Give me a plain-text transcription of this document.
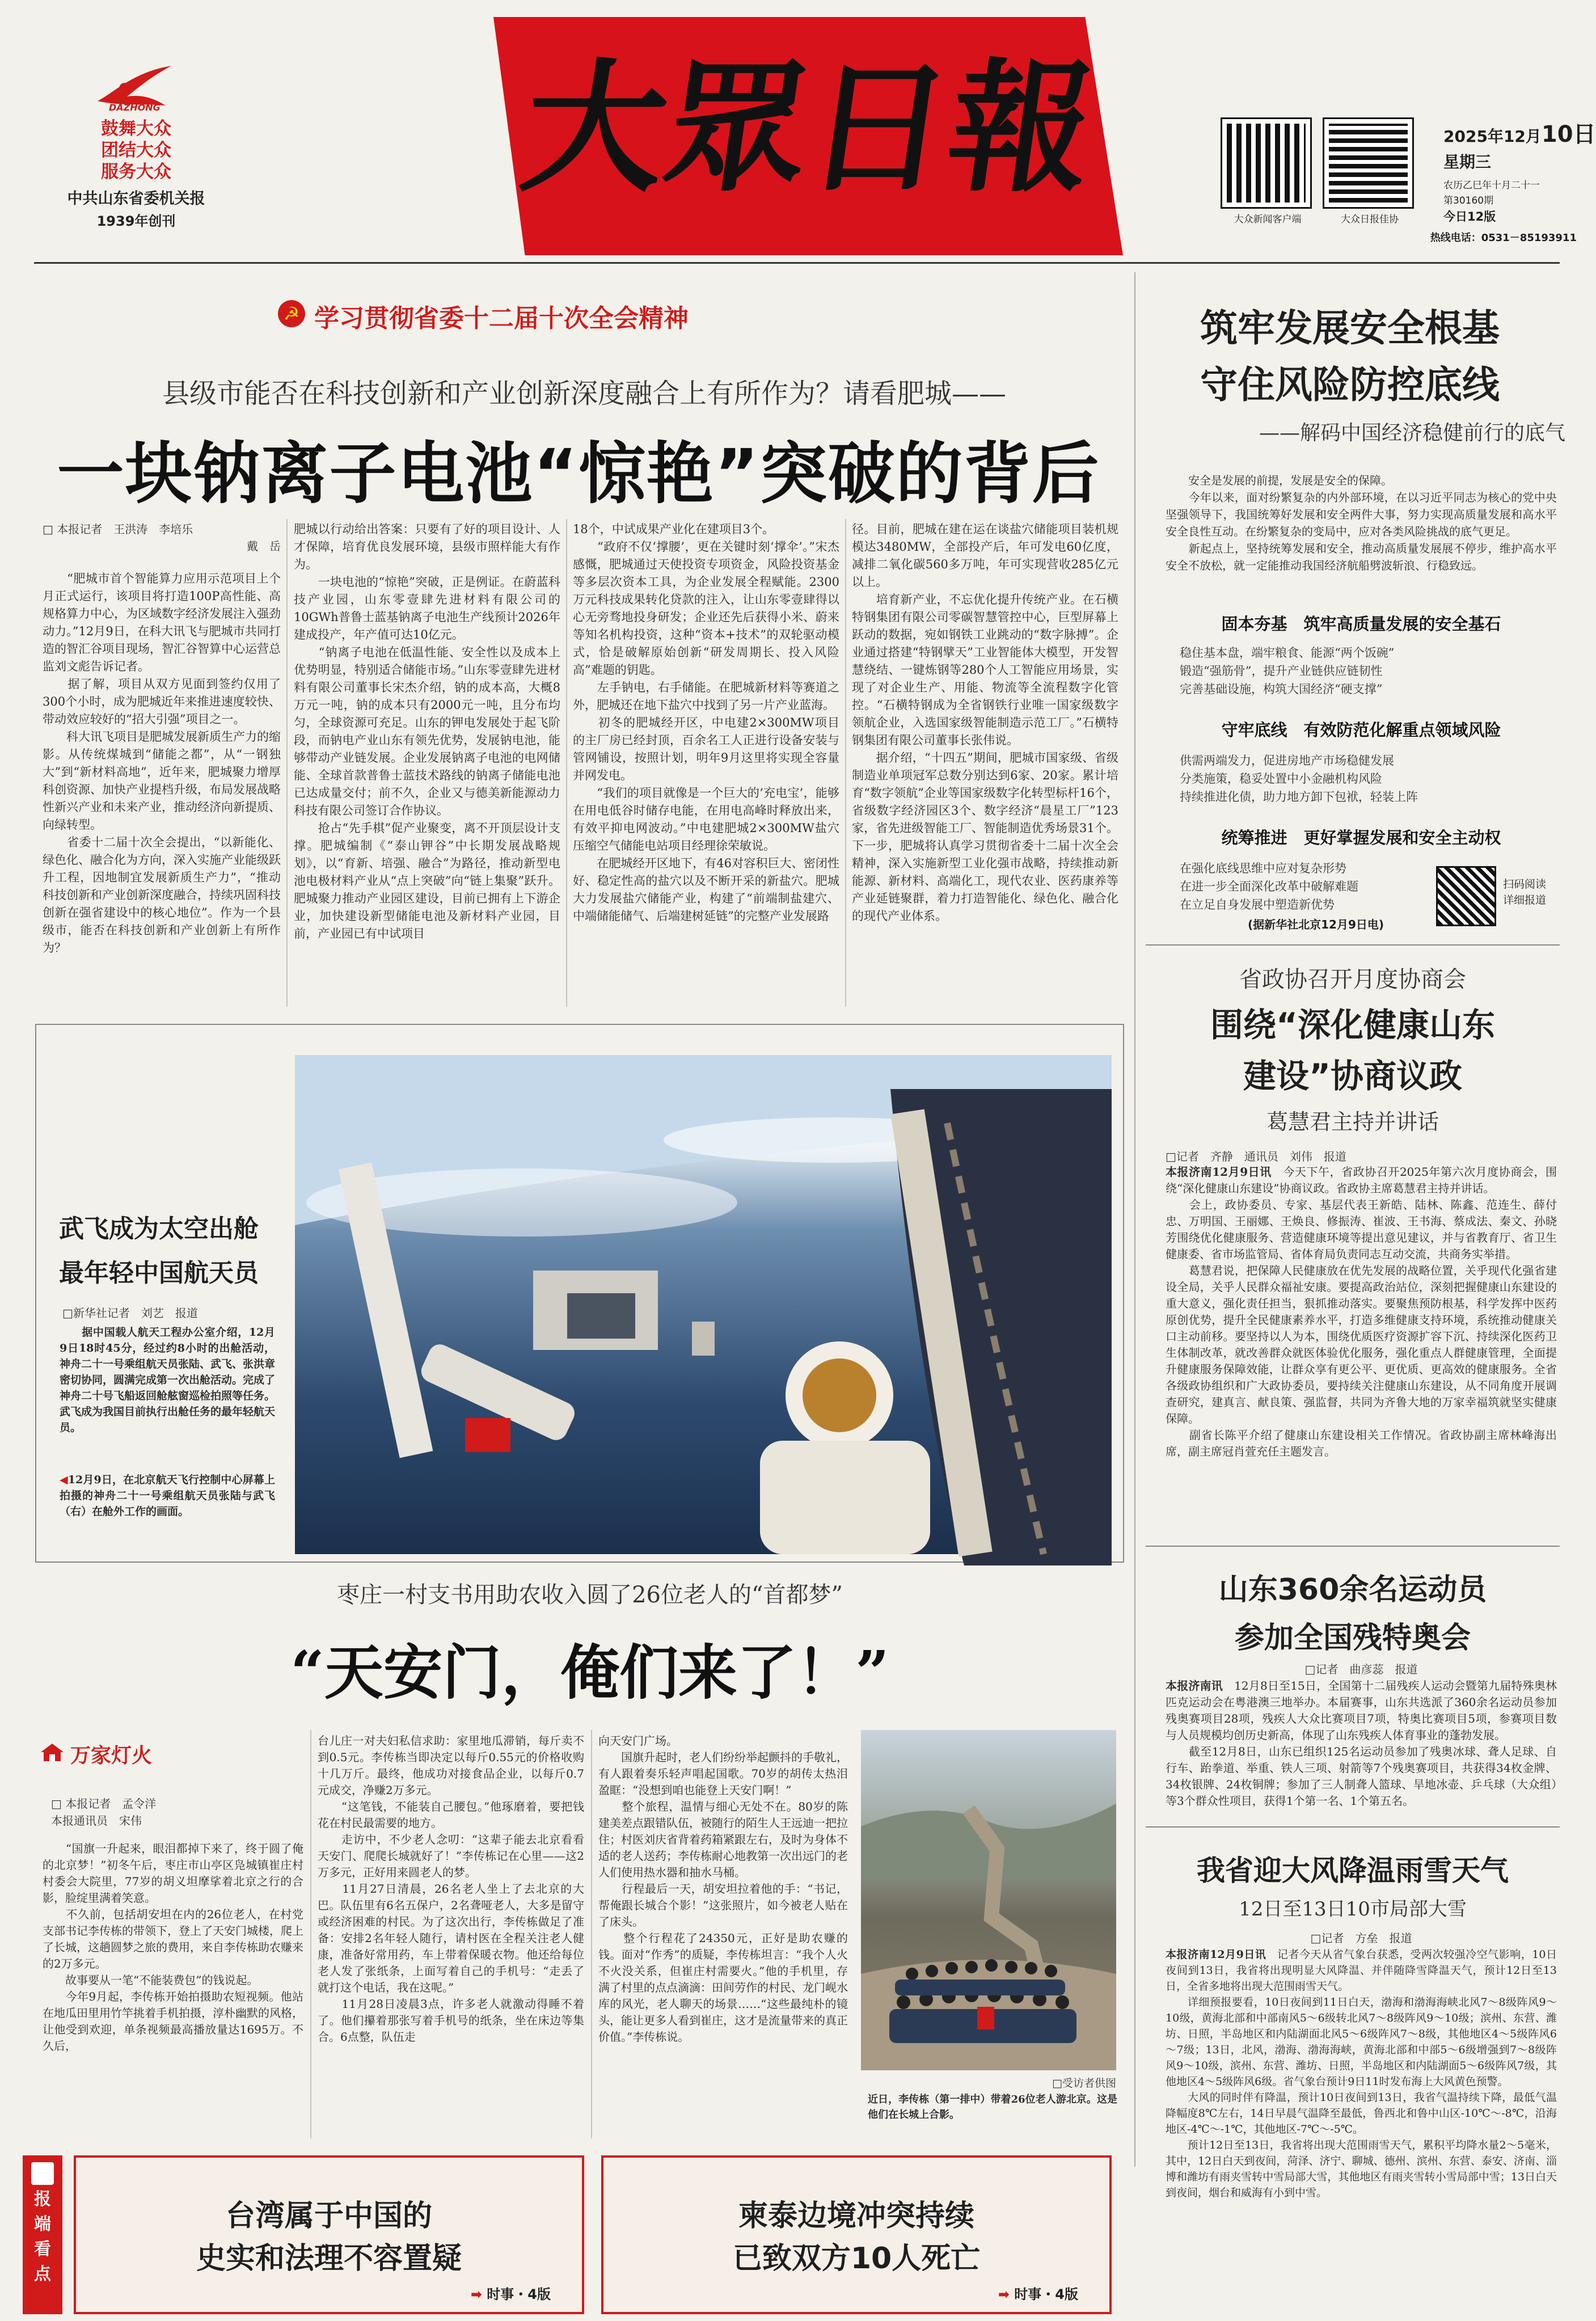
DAZHONG
鼓舞大众
团结大众
服务大众
中共山东省委机关报
1939年创刊
大眾日報
大众新闻客户端	大众日报佳协
2025年12月10日
星期三
农历乙巳年十月二十一
第30160期
今日12版
热线电话：0531－85193911
☭ 学习贯彻省委十二届十次全会精神
县级市能否在科技创新和产业创新深度融合上有所作为？请看肥城——
一块钠离子电池“惊艳”突破的背后
□ 本报记者　王洪涛　李培乐
戴　岳
　　“肥城市首个智能算力应用示范项目上个月正式运行，该项目将打造100P高性能、高规格算力中心，为区域数字经济发展注入强劲动力。”12月9日，在科大讯飞与肥城市共同打造的智汇谷项目现场，智汇谷智算中心运营总监刘文彪告诉记者。
　　据了解，项目从双方见面到签约仅用了300个小时，成为肥城近年来推进速度较快、带动效应较好的“招大引强”项目之一。
　　科大讯飞项目是肥城发展新质生产力的缩影。从传统煤城到“储能之都”，从“一钢独大”到“新材料高地”，近年来，肥城聚力增厚科创资源、加快产业提档升级，布局发展战略性新兴产业和未来产业，推动经济向新提质、向绿转型。
　　省委十二届十次全会提出，“以新能化、绿色化、融合化为方向，深入实施产业能级跃升工程，因地制宜发展新质生产力”，“推动科技创新和产业创新深度融合，持续巩固科技创新在强省建设中的核心地位”。作为一个县级市，能否在科技创新和产业创新上有所作为？
肥城以行动给出答案：只要有了好的项目设计、人才保障，培育优良发展环境，县级市照样能大有作为。
　　一块电池的“惊艳”突破，正是例证。在蔚蓝科技产业园，山东零壹肆先进材料有限公司的10GWh普鲁士蓝基钠离子电池生产线预计2026年建成投产，年产值可达10亿元。
　　“钠离子电池在低温性能、安全性以及成本上优势明显，特别适合储能市场。”山东零壹肆先进材料有限公司董事长宋杰介绍，钠的成本高，大概8万元一吨，钠的成本只有2000元一吨，且分布均匀，全球资源可充足。山东的钾电发展处于起飞阶段，而钠电产业山东有领先优势，发展钠电池，能够带动产业链发展。企业发展钠离子电池的电网储能、全球首款普鲁士蓝技术路线的钠离子储能电池已达成量交付；前不久，企业又与德美新能源动力科技有限公司签订合作协议。
　　抢占“先手棋”促产业聚变，离不开顶层设计支撑。肥城编制《“泰山钾谷”中长期发展战略规划》，以“育新、培强、融合”为路径，推动新型电池电极材料产业从“点上突破”向“链上集聚”跃升。肥城聚力推动产业园区建设，目前已拥有上下游企业，加快建设新型储能电池及新材料产业园，目前，产业园已有中试项目
18个，中试成果产业化在建项目3个。
　　“政府不仅‘撑腰’，更在关键时刻‘撑伞’。”宋杰感慨，肥城通过天使投资专项资金，风险投资基金等多层次资本工具，为企业发展全程赋能。2300万元科技成果转化贷款的注入，让山东零壹肆得以心无旁骛地投身研发；企业还先后获得小米、蔚来等知名机构投资，这种“资本+技术”的双轮驱动模式，恰是破解原始创新“研发周期长、投入风险高”难题的钥匙。
　　左手钠电，右手储能。在肥城新材料等赛道之外，肥城还在地下盐穴中找到了另一片产业蓝海。
　　初冬的肥城经开区，中电建2×300MW项目的主厂房已经封顶，百余名工人正进行设备安装与管网铺设，按照计划，明年9月这里将实现全容量并网发电。
　　“我们的项目就像是一个巨大的‘充电宝’，能够在用电低谷时储存电能，在用电高峰时释放出来，有效平抑电网波动。”中电建肥城2×300MW盐穴压缩空气储能电站项目经理徐荣敏说。
　　在肥城经开区地下，有46对容积巨大、密闭性好、稳定性高的盐穴以及不断开采的新盐穴。肥城大力发展盐穴储能产业，构建了“前端制盐建穴、中端储能储气、后端建树延链”的完整产业发展路
径。目前，肥城在建在运在谈盐穴储能项目装机规模达3480MW，全部投产后，年可发电60亿度，减排二氧化碳560多万吨，年可实现营收285亿元以上。
　　培育新产业，不忘优化提升传统产业。在石横特钢集团有限公司零碳智慧管控中心，巨型屏幕上跃动的数据，宛如钢铁工业跳动的“数字脉搏”。企业通过搭建“特钢擘天”工业智能体大模型，开发智慧绕结、一键炼钢等280个人工智能应用场景，实现了对企业生产、用能、物流等全流程数字化管控。“石横特钢成为全省钢铁行业唯一国家级数字领航企业，入选国家级智能制造示范工厂。”石横特钢集团有限公司董事长张伟说。
　　据介绍，“十四五”期间，肥城市国家级、省级制造业单项冠军总数分别达到6家、20家。累计培育“数字领航”企业等国家级数字化转型标杆16个，省级数字经济园区3个、数字经济“晨星工厂”123家，省先进级智能工厂、智能制造优秀场景31个。下一步，肥城将认真学习贯彻省委十二届十次全会精神，深入实施新型工业化强市战略，持续推动新能源、新材料、高端化工，现代农业、医药康养等产业延链聚群，着力打造智能化、绿色化、融合化的现代产业体系。
筑牢发展安全根基
守住风险防控底线
——解码中国经济稳健前行的底气
　　安全是发展的前提，发展是安全的保障。
　　今年以来，面对纷繁复杂的内外部环境，在以习近平同志为核心的党中央坚强领导下，我国统筹好发展和安全两件大事，努力实现高质量发展和高水平安全良性互动。在纷繁复杂的变局中，应对各类风险挑战的底气更足。
　　新起点上，坚持统筹发展和安全，推动高质量发展展不停步，维护高水平安全不放松，就一定能推动我国经济航船劈波斩浪、行稳致远。
固本夯基　筑牢高质量发展的安全基石
稳住基本盘，端牢粮食、能源“两个饭碗”
锻造“强筋骨”，提升产业链供应链韧性
完善基础设施，构筑大国经济“硬支撑”
守牢底线　有效防范化解重点领域风险
供需两端发力，促进房地产市场稳健发展
分类施策，稳妥处置中小金融机构风险
持续推进化债，助力地方卸下包袱，轻装上阵
统筹推进　更好掌握发展和安全主动权
在强化底线思维中应对复杂形势
在进一步全面深化改革中破解难题
在立足自身发展中塑造新优势
扫码阅读
详细报道
(据新华社北京12月9日电)
省政协召开月度协商会
围绕“深化健康山东
建设”协商议政
葛慧君主持并讲话
□记者　齐静　通讯员　刘伟　报道
本报济南12月9日讯　今天下午，省政协召开2025年第六次月度协商会，围绕“深化健康山东建设”协商议政。省政协主席葛慧君主持并讲话。
　　会上，政协委员、专家、基层代表王新皓、陆林、陈鑫、范连生、薛付忠、万明国、王丽娜、王焕良、修振涛、崔波、王书海、蔡成法、秦文、孙晓芳围绕优化健康服务、营造健康环境等提出意见建议，并与省教育厅、省卫生健康委、省市场监管局、省体育局负责同志互动交流，共商务实举措。
　　葛慧君说，把保障人民健康放在优先发展的战略位置，关乎现代化强省建设全局，关乎人民群众福祉安康。要提高政治站位，深刻把握健康山东建设的重大意义，强化责任担当，狠抓推动落实。要聚焦预防根基，科学发挥中医药原创优势，提升全民健康素养水平，打造多维健康支持环境，系统推动健康关口主动前移。要坚持以人为本，围绕优质医疗资源扩容下沉、持续深化医药卫生体制改革，就改善群众就医体验优化服务，强化重点人群健康管理，全面提升健康服务保障效能，让群众享有更公平、更优质、更高效的健康服务。全省各级政协组织和广大政协委员，要持续关注健康山东建设，从不同角度开展调查研究，建真言、献良策、强监督，共同为齐鲁大地的万家幸福筑就坚实健康保障。
　　副省长陈平介绍了健康山东建设相关工作情况。省政协副主席林峰海出席，副主席冠肖萱充任主题发言。
山东360余名运动员
参加全国残特奥会
□记者　曲彦蕊　报道
本报济南讯　12月8日至15日，全国第十二届残疾人运动会暨第九届特殊奥林匹克运动会在粤港澳三地举办。本届赛事，山东共选派了360余名运动员参加残奥赛项目28项，残疾人大众比赛项目7项，特奥比赛项目5项，参赛项目数与人员规模均创历史新高，体现了山东残疾人体育事业的蓬勃发展。
　　截至12月8日，山东已组织125名运动员参加了残奥冰球、聋人足球、自行车、跆拳道、举重、铁人三项、射箭等7个残奥赛项目，共获得34枚金牌、34枚银牌、24枚铜牌；参加了三人制聋人篮球、旱地冰壶、乒乓球（大众组）等3个群众性项目，获得1个第一名、1个第五名。
我省迎大风降温雨雪天气
12日至13日10市局部大雪
□记者　方垒　报道
本报济南12月9日讯　记者今天从省气象台获悉，受两次较强冷空气影响，10日夜间到13日，我省将出现明显大风降温、并伴随降雪降温天气，预计12日至13日，全省多地将出现大范围雨雪天气。
　　详细预报要看，10日夜间到11日白天，渤海和渤海海峡北风7～8级阵风9～10级，黄海北部和中部南风5～6级转北风7～8级阵风9～10级；滨州、东营、潍坊、日照，半岛地区和内陆湖面北风5～6级阵风7～8级，其他地区4～5级阵风6～7级；13日，北风，渤海、渤海海峡，黄海北部和中部5～6级增强到7～8级阵风9～10级，滨州、东营、潍坊、日照，半岛地区和内陆湖面5～6级阵风7级，其他地区4～5级阵风6级。省气象台预计9日11时发布海上大风黄色预警。
　　大风的同时伴有降温，预计10日夜间到13日，我省气温持续下降，最低气温降幅度8℃左右，14日早晨气温降至最低，鲁西北和鲁中山区-10℃～-8℃，沿海地区-4℃～-1℃，其他地区-7℃～-5℃。
　　预计12日至13日，我省将出现大范围雨雪天气，累积平均降水量2～5毫米，其中，12日白天到夜间，菏泽、济宁、聊城、德州、滨州、东营、泰安、济南、淄博和潍坊有雨夹雪转中雪局部大雪，其他地区有雨夹雪转小雪局部中雪；13日白天到夜间，烟台和威海有小到中雪。
武飞成为太空出舱
最年轻中国航天员
□新华社记者　刘艺　报道
　　据中国载人航天工程办公室介绍，12月9日18时45分，经过约8小时的出舱活动，神舟二十一号乘组航天员张陆、武飞、张洪章密切协同，圆满完成第一次出舱活动。完成了神舟二十号飞船返回舱舷窗巡检拍照等任务。武飞成为我国目前执行出舱任务的最年轻航天员。
◀12月9日，在北京航天飞行控制中心屏幕上拍摄的神舟二十一号乘组航天员张陆与武飞（右）在舱外工作的画面。
枣庄一村支书用助农收入圆了26位老人的“首都梦”
“天安门，俺们来了！”
万家灯火
□ 本报记者　孟令洋
本报通讯员　宋伟
　　“国旗一升起来，眼泪都掉下来了，终于圆了俺的北京梦！”初冬午后，枣庄市山亭区凫城镇崔庄村村委会大院里，77岁的胡义坦摩挲着北京之行的合影，脸绽里满着笑意。
　　不久前，包括胡安坦在内的26位老人，在村党支部书记李传栋的带领下，登上了天安门城楼，爬上了长城，这趟圆梦之旅的费用，来自李传栋助农赚来的2万多元。
　　故事要从一笔“不能装费包”的钱说起。
　　今年9月起，李传栋开始拍摄助农短视频。他站在地瓜田里用竹竿挑着手机拍摄，淳朴幽默的风格，让他受到欢迎，单条视频最高播放量达1695万。不久后，
台儿庄一对夫妇私信求助：家里地瓜滞销，每斤卖不到0.5元。李传栋当即决定以每斤0.55元的价格收购十几万斤。最终，他成功对接食品企业，以每斤0.7元成交，净赚2万多元。
　　“这笔钱，不能装自己腰包。”他琢磨着，要把钱花在村民最需要的地方。
　　走访中，不少老人念叨：“这辈子能去北京看看天安门、爬爬长城就好了！”李传栋记在心里——这2万多元，正好用来圆老人的梦。
　　11月27日清晨，26名老人坐上了去北京的大巴。队伍里有6名五保户，2名聋哑老人，大多是留守或经济困难的村民。为了这次出行，李传栋做足了准备：安排2名年轻人随行，请村医在全程关注老人健康，准备好常用药，车上带着保暖衣物。他还给每位老人发了张纸条，上面写着自己的手机号：“走丢了就打这个电话，我在这呢。”
　　11月28日凌晨3点，许多老人就激动得睡不着了。他们攥着那张写着手机号的纸条，坐在床边等集合。6点整，队伍走
向天安门广场。
　　国旗升起时，老人们纷纷举起颤抖的手敬礼，有人跟着奏乐轻声唱起国歌。70岁的胡传太热泪盈眶：“没想到咱也能登上天安门啊！”
　　整个旅程，温情与细心无处不在。80岁的陈建美差点跟错队伍，被随行的陌生人王远迪一把拉住；村医刘庆省背着药箱紧跟左右，及时为身体不适的老人送药；李传栋耐心地教第一次出远门的老人们使用热水器和抽水马桶。
　　行程最后一天，胡安坦拉着他的手：“书记，帮俺跟长城合个影！”这张照片，如今被老人贴在了床头。
　　整个行程花了24350元，正好是助农赚的钱。面对“作秀”的质疑，李传栋坦言：“我个人火不火没关系，但崔庄村需要火。”他的手机里，存满了村里的点点滴滴：田间劳作的村民、龙门岘水库的风光，老人聊天的场景……“这些最纯朴的镜头，能让更多人看到崔庄，这才是流量带来的真正价值。”李传栋说。
□受访者供图
近日，李传栋（第一排中）带着26位老人游北京。这是他们在长城上合影。
报
端
看
点
台湾属于中国的
史实和法理不容置疑
➡ 时事・4版
柬泰边境冲突持续
已致双方10人死亡
➡ 时事・4版
